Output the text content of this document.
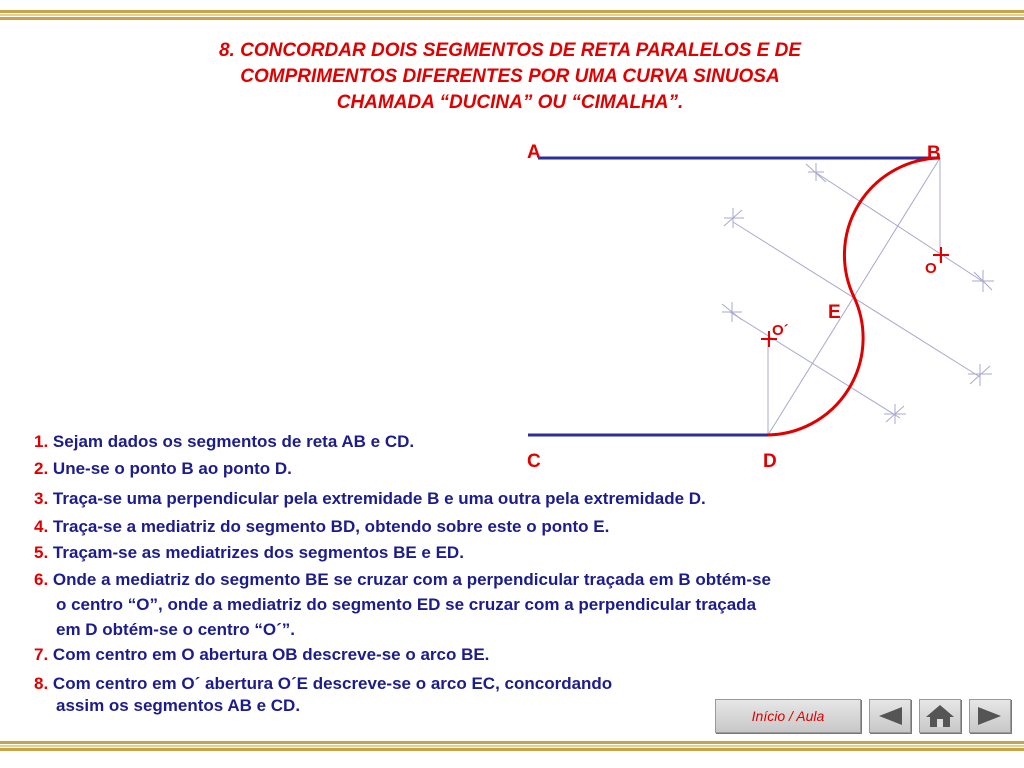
8. CONCORDAR DOIS SEGMENTOS DE RETA PARALELOS E DE
COMPRIMENTOS DIFERENTES POR UMA CURVA SINUOSA
CHAMADA “DUCINA” OU “CIMALHA”.
A	B
C	D
E
O
O´
1. Sejam dados os segmentos de reta AB e CD.
2. Une-se o ponto B ao ponto D.
3. Traça-se uma perpendicular pela extremidade B e uma outra pela extremidade D.
4. Traça-se a mediatriz do segmento BD, obtendo sobre este o ponto E.
5. Traçam-se as mediatrizes dos segmentos BE e ED.
6. Onde a mediatriz do segmento BE se cruzar com a perpendicular traçada em B obtém-se
o centro “O”, onde a mediatriz do segmento ED se cruzar com a perpendicular traçada
em D obtém-se o centro “O´”.
7. Com centro em O abertura OB descreve-se o arco BE.
8. Com centro em O´ abertura O´E descreve-se o arco EC, concordando
assim os segmentos AB e CD.
Início / Aula
